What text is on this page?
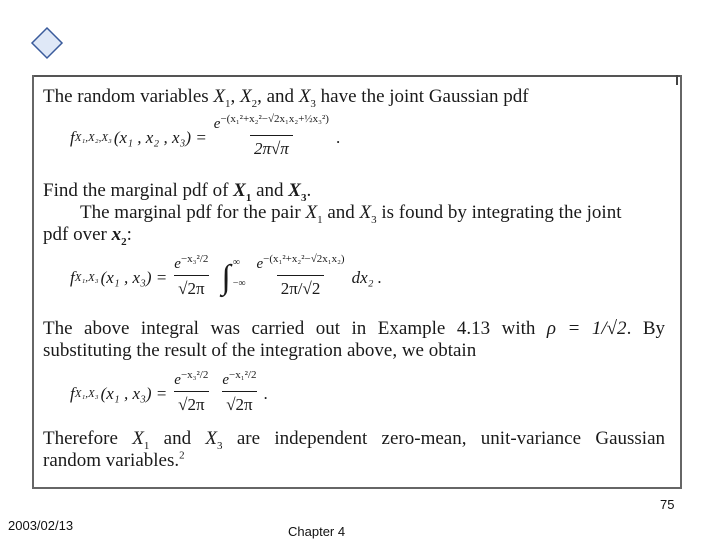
The random variables $X_1$, $X_2$, and $X_3$ have the joint Gaussian pdf
f X₁,X₂,X₃ (x₁ , x₂ , $x_3) = \frac{e^{-(x_1^2+x_2^2-√2x_1x_2+\frac{1}{2}x_3^2)}}{2\pi√\pi}$ .
Find the marginal pdf of $X_1$ and $X_3$.
The marginal pdf for the pair $X_1$ and $X_3$ is found by integrating the joint
pdf over $x_2$:
f X₁,X₃ (x₁ , $x_3) = \frac{e^{-x_3^2/2}}{√2\pi}$ ∫ ∞
−∞ $\frac{e^{-(x_1^2+x_2^2-√2x_1x_2)}}{2\pi/√2} dx_2$ .
The above integral was carried out in Example 4.13 with ρ = 1/√2. By
substituting the result of the integration above, we obtain
f X₁,X₃ (x₁ , $x_3) = \frac{e^{-x_3^2/2}}{√2\pi} \frac{e^{-x_1^2/2}}{√2\pi}$ .
Therefore $X_1$ and $X_3$ are independent zero-mean, unit-variance Gaussian
random variables.$^2$
75
2003/02/13	Chapter 4
